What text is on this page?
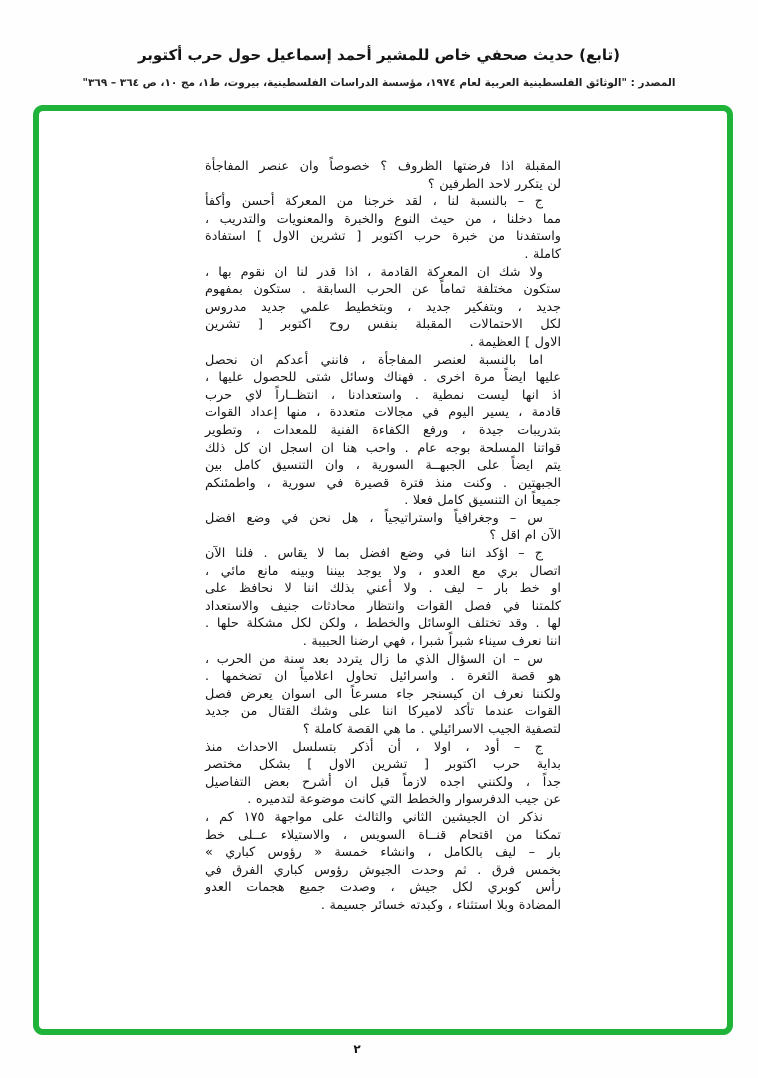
(تابع) حديث صحفي خاص للمشير أحمد إسماعيل حول حرب أكتوبر
المصدر : "الوثائق الفلسطينية العربية لعام ١٩٧٤، مؤسسة الدراسات الفلسطينية، بيروت، ط١، مج ١٠، ص ٣٦٤ – ٣٦٩"
المقبلة اذا فرضتها الظروف ؟ خصوصاً وان عنصر المفاجأة
لن يتكرر لاحد الطرفين ؟
ج – بالنسبة لنا ، لقد خرجنا من المعركة أحسن وأكفأ
مما دخلنا ، من حيث النوع والخبرة والمعنويات والتدريب ،
واستفدنا من خبرة حرب اكتوبر [ تشرين الاول ] استفادة
كاملة .
ولا شك ان المعركة القادمة ، اذا قدر لنا ان نقوم بها ،
ستكون مختلفة تماماً عن الحرب السابقة . ستكون بمفهوم
جديد ، وبتفكير جديد ، وبتخطيط علمي جديد مدروس
لكل الاحتمالات المقبلة بنفس روح اكتوبر [ تشرين
الاول ] العظيمة .
اما بالنسبة لعنصر المفاجأة ، فانني أعدكم ان نحصل
عليها ايضاً مرة اخرى . فهناك وسائل شتى للحصول عليها ،
اذ انها ليست نمطية . واستعدادنا ، انتظــاراً لاي حرب
قادمة ، يسير اليوم في مجالات متعددة ، منها إعداد القوات
بتدريبات جيدة ، ورفع الكفاءة الفنية للمعدات ، وتطوير
قواتنا المسلحة بوجه عام . واحب هنا ان اسجل ان كل ذلك
يتم ايضاً على الجبهــة السورية ، وان التنسيق كامل بين
الجبهتين . وكنت منذ فترة قصيرة في سورية ، واطمئنكم
جميعاً ان التنسيق كامل فعلا .
س – وجغرافياً واستراتيجياً ، هل نحن في وضع افضل
الآن ام اقل ؟
ج – اؤكد اننا في وضع افضل بما لا يقاس . فلنا الآن
اتصال بري مع العدو ، ولا يوجد بيننا وبينه مانع مائي ،
او خط بار – ليف . ولا أعني بذلك اننا لا نحافظ على
كلمتنا في فصل القوات وانتظار محادثات جنيف والاستعداد
لها . وقد تختلف الوسائل والخطط ، ولكن لكل مشكلة حلها .
اننا نعرف سيناء شبراً شبرا ، فهي ارضنا الحبيبة .
س – ان السؤال الذي ما زال يتردد بعد سنة من الحرب ،
هو قصة الثغرة . واسرائيل تحاول اعلامياً ان تضخمها .
ولكننا نعرف ان كيسنجر جاء مسرعاً الى اسوان يعرض فصل
القوات عندما تأكد لاميركا اننا على وشك القتال من جديد
لتصفية الجيب الاسرائيلي . ما هي القصة كاملة ؟
ج – أود ، اولا ، أن أذكر بتسلسل الاحداث منذ
بداية حرب اكتوبر [ تشرين الاول ] بشكل مختصر
جداً ، ولكنني اجده لازماً قبل ان أشرح بعض التفاصيل
عن جيب الدفرسوار والخطط التي كانت موضوعة لتدميره .
نذكر ان الجيشين الثاني والثالث على مواجهة ١٧٥ كم ،
تمكنا من اقتحام قنــاة السويس ، والاستيلاء عــلى خط
بار – ليف بالكامل ، وانشاء خمسة « رؤوس كباري »
بخمس فرق . ثم وحدت الجيوش رؤوس كباري الفرق في
رأس كوبري لكل جيش ، وصدت جميع هجمات العدو
المضادة وبلا استثناء ، وكبدته خسائر جسيمة .
٢
